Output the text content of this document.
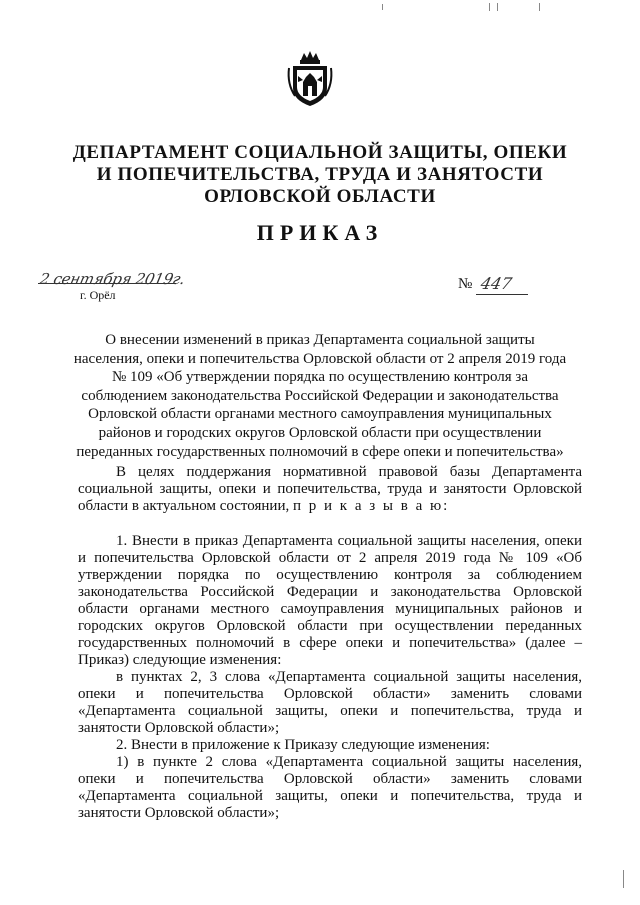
ДЕПАРТАМЕНТ СОЦИАЛЬНОЙ ЗАЩИТЫ, ОПЕКИ
И ПОПЕЧИТЕЛЬСТВА, ТРУДА И ЗАНЯТОСТИ
ОРЛОВСКОЙ ОБЛАСТИ
ПРИКАЗ
2 сентября 2019г.
г. Орёл
№ 447
О внесении изменений в приказ Департамента социальной защиты
населения, опеки и попечительства Орловской области от 2 апреля 2019 года
№ 109 «Об утверждении порядка по осуществлению контроля за
соблюдением законодательства Российской Федерации и законодательства
Орловской области органами местного самоуправления муниципальных
районов и городских округов Орловской области при осуществлении
переданных государственных полномочий в сфере опеки и попечительства»

В целях поддержания нормативной правовой базы Департамента социальной защиты, опеки и попечительства, труда и занятости Орловской области в актуальном состоянии, п р и к а з ы в а ю:

1. Внести в приказ Департамента социальной защиты населения, опеки и попечительства Орловской области от 2 апреля 2019 года № 109 «Об утверждении порядка по осуществлению контроля за соблюдением законодательства Российской Федерации и законодательства Орловской области органами местного самоуправления муниципальных районов и городских округов Орловской области при осуществлении переданных государственных полномочий в сфере опеки и попечительства» (далее – Приказ) следующие изменения:

в пунктах 2, 3 слова «Департамента социальной защиты населения, опеки и попечительства Орловской области» заменить словами «Департамента социальной защиты, опеки и попечительства, труда и занятости Орловской области»;

2. Внести в приложение к Приказу следующие изменения:

1) в пункте 2 слова «Департамента социальной защиты населения, опеки и попечительства Орловской области» заменить словами «Департамента социальной защиты, опеки и попечительства, труда и занятости Орловской области»;
